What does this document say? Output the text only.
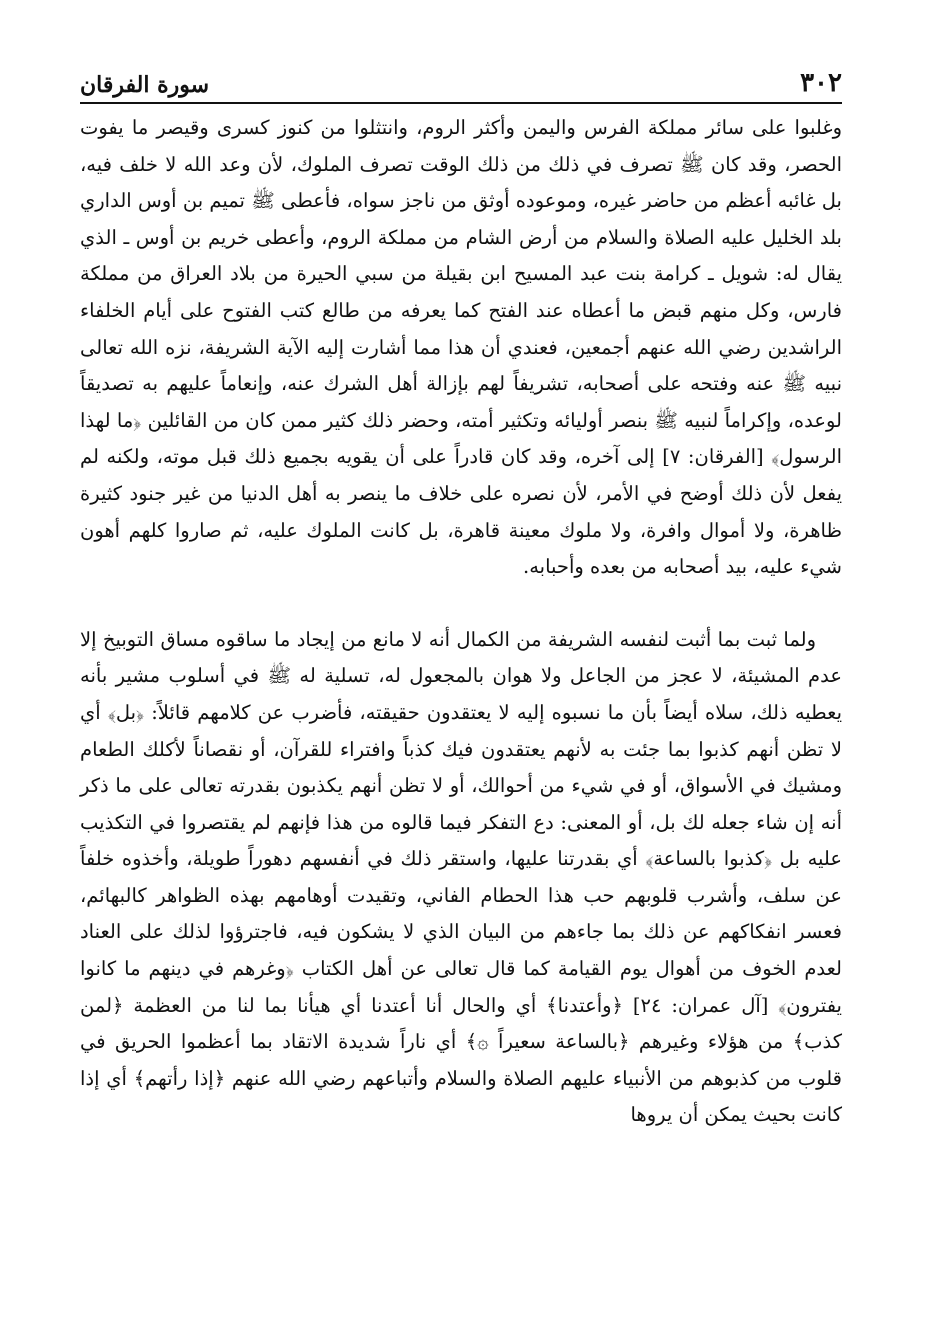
٣٠٢
سورة الفرقان

وغلبوا على سائر مملكة الفرس واليمن وأكثر الروم، وانتثلوا من كنوز كسرى وقيصر ما يفوت الحصر، وقد كان ﷺ تصرف في ذلك من ذلك الوقت تصرف الملوك، لأن وعد الله لا خلف فيه، بل غائبه أعظم من حاضر غيره، وموعوده أوثق من ناجز سواه، فأعطى ﷺ تميم بن أوس الداري بلد الخليل عليه الصلاة والسلام من أرض الشام من مملكة الروم، وأعطى خريم بن أوس ـ الذي يقال له: شويل ـ كرامة بنت عبد المسيح ابن بقيلة من سبي الحيرة من بلاد العراق من مملكة فارس، وكل منهم قبض ما أعطاه عند الفتح كما يعرفه من طالع كتب الفتوح على أيام الخلفاء الراشدين رضي الله عنهم أجمعين، فعندي أن هذا مما أشارت إليه الآية الشريفة، نزه الله تعالى نبيه ﷺ عنه وفتحه على أصحابه، تشريفاً لهم بإزالة أهل الشرك عنه، وإنعاماً عليهم به تصديقاً لوعده، وإكراماً لنبيه ﷺ بنصر أوليائه وتكثير أمته، وحضر ذلك كثير ممن كان من القائلين ﴿ما لهذا الرسول﴾ [الفرقان: ٧] إلى آخره، وقد كان قادراً على أن يقويه بجميع ذلك قبل موته، ولكنه لم يفعل لأن ذلك أوضح في الأمر، لأن نصره على خلاف ما ينصر به أهل الدنيا من غير جنود كثيرة ظاهرة، ولا أموال وافرة، ولا ملوك معينة قاهرة، بل كانت الملوك عليه، ثم صاروا كلهم أهون شيء عليه، بيد أصحابه من بعده وأحبابه.

ولما ثبت بما أثبت لنفسه الشريفة من الكمال أنه لا مانع من إيجاد ما ساقوه مساق التوبيخ إلا عدم المشيئة، لا عجز من الجاعل ولا هوان بالمجعول له، تسلية له ﷺ في أسلوب مشير بأنه يعطيه ذلك، سلاه أيضاً بأن ما نسبوه إليه لا يعتقدون حقيقته، فأضرب عن كلامهم قائلاً: ﴿بل﴾ أي لا تظن أنهم كذبوا بما جئت به لأنهم يعتقدون فيك كذباً وافتراء للقرآن، أو نقصاناً لأكلك الطعام ومشيك في الأسواق، أو في شيء من أحوالك، أو لا تظن أنهم يكذبون بقدرته تعالى على ما ذكر أنه إن شاء جعله لك بل، أو المعنى: دع التفكر فيما قالوه من هذا فإنهم لم يقتصروا في التكذيب عليه بل ﴿كذبوا بالساعة﴾ أي بقدرتنا عليها، واستقر ذلك في أنفسهم دهوراً طويلة، وأخذوه خلفاً عن سلف، وأشرب قلوبهم حب هذا الحطام الفاني، وتقيدت أوهامهم بهذه الظواهر كالبهائم، فعسر انفكاكهم عن ذلك بما جاءهم من البيان الذي لا يشكون فيه، فاجترؤوا لذلك على العناد لعدم الخوف من أهوال يوم القيامة كما قال تعالى عن أهل الكتاب ﴿وغرهم في دينهم ما كانوا يفترون﴾ [آل عمران: ٢٤] ﴿وأعتدنا﴾ أي والحال أنا أعتدنا أي هيأنا بما لنا من العظمة ﴿لمن كذب﴾ من هؤلاء وغيرهم ﴿بالساعة سعيراً ۞﴾ أي ناراً شديدة الاتقاد بما أعظموا الحريق في قلوب من كذبوهم من الأنبياء عليهم الصلاة والسلام وأتباعهم رضي الله عنهم ﴿إذا رأتهم﴾ أي إذا كانت بحيث يمكن أن يروها
